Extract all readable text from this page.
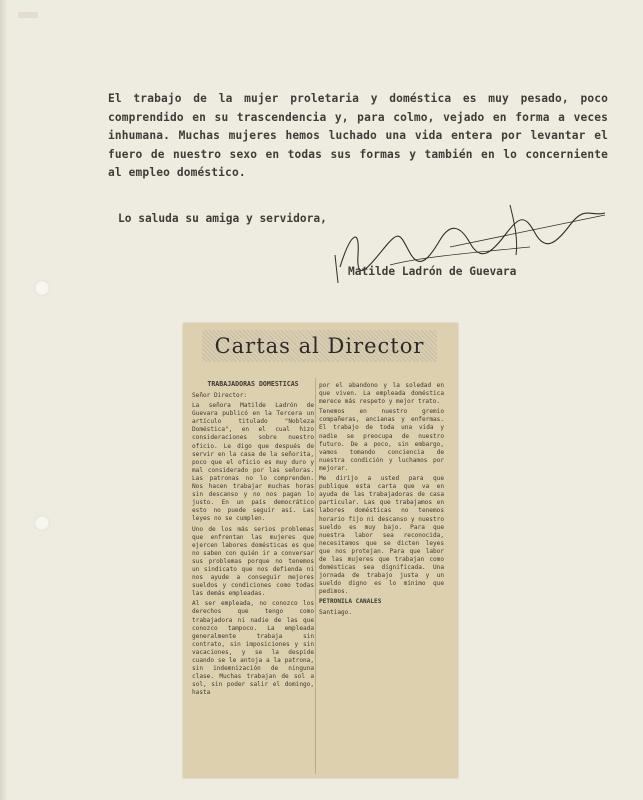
El trabajo de la mujer proletaria y doméstica es muy pesado, poco comprendido en su trascendencia y, para colmo, vejado en forma a veces inhumana. Muchas mujeres hemos luchado una vida entera por levantar el fuero de nuestro sexo en todas sus formas y también en lo concerniente al empleo doméstico.

Lo saluda su amiga y servidora,
Matilde Ladrón de Guevara
Cartas al Director
TRABAJADORAS DOMESTICAS

Señor Director:

La señora Matilde Ladrón de Guevara publicó en la Tercera un artículo titulado "Nobleza Doméstica", en el cual hizo consideraciones sobre nuestro oficio. Le digo que después de servir en la casa de la señorita, poco que el oficio es muy duro y mal considerado por las señoras. Las patronas no lo comprenden. Nos hacen trabajar muchas horas sin descanso y no nos pagan lo justo. En un país democrático esto no puede seguir así. Las leyes no se cumplen.

Uno de los más serios problemas que enfrentan las mujeres que ejercen labores domésticas es que no saben con quién ir a conversar sus problemas porque no tenemos un sindicato que nos defienda ni nos ayude a conseguir mejores sueldos y condiciones como todas las demás empleadas.

Al ser empleada, no conozco los derechos que tengo como trabajadora ni nadie de las que conozco tampoco. La empleada generalmente trabaja sin contrato, sin imposiciones y sin vacaciones, y se la despide cuando se le antoja a la patrona, sin indemnización de ninguna clase. Muchas trabajan de sol a sol, sin poder salir el domingo, hasta

por el abandono y la soledad en que viven. La empleada doméstica merece más respeto y mejor trato.

Tenemos en nuestro gremio compañeras, ancianas y enfermas. El trabajo de toda una vida y nadie se preocupa de nuestro futuro. De a poco, sin embargo, vamos tomando conciencia de nuestra condición y luchamos por mejorar.

Me dirijo a usted para que publique esta carta que va en ayuda de las trabajadoras de casa particular. Las que trabajamos en labores domésticas no tenemos horario fijo ni descanso y nuestro sueldo es muy bajo. Para que nuestra labor sea reconocida, necesitamos que se dicten leyes que nos protejan. Para que labor de las mujeres que trabajan como domésticas sea dignificada. Una jornada de trabajo justa y un sueldo digno es lo mínimo que pedimos.

PETRONILA CANALES

Santiago.
